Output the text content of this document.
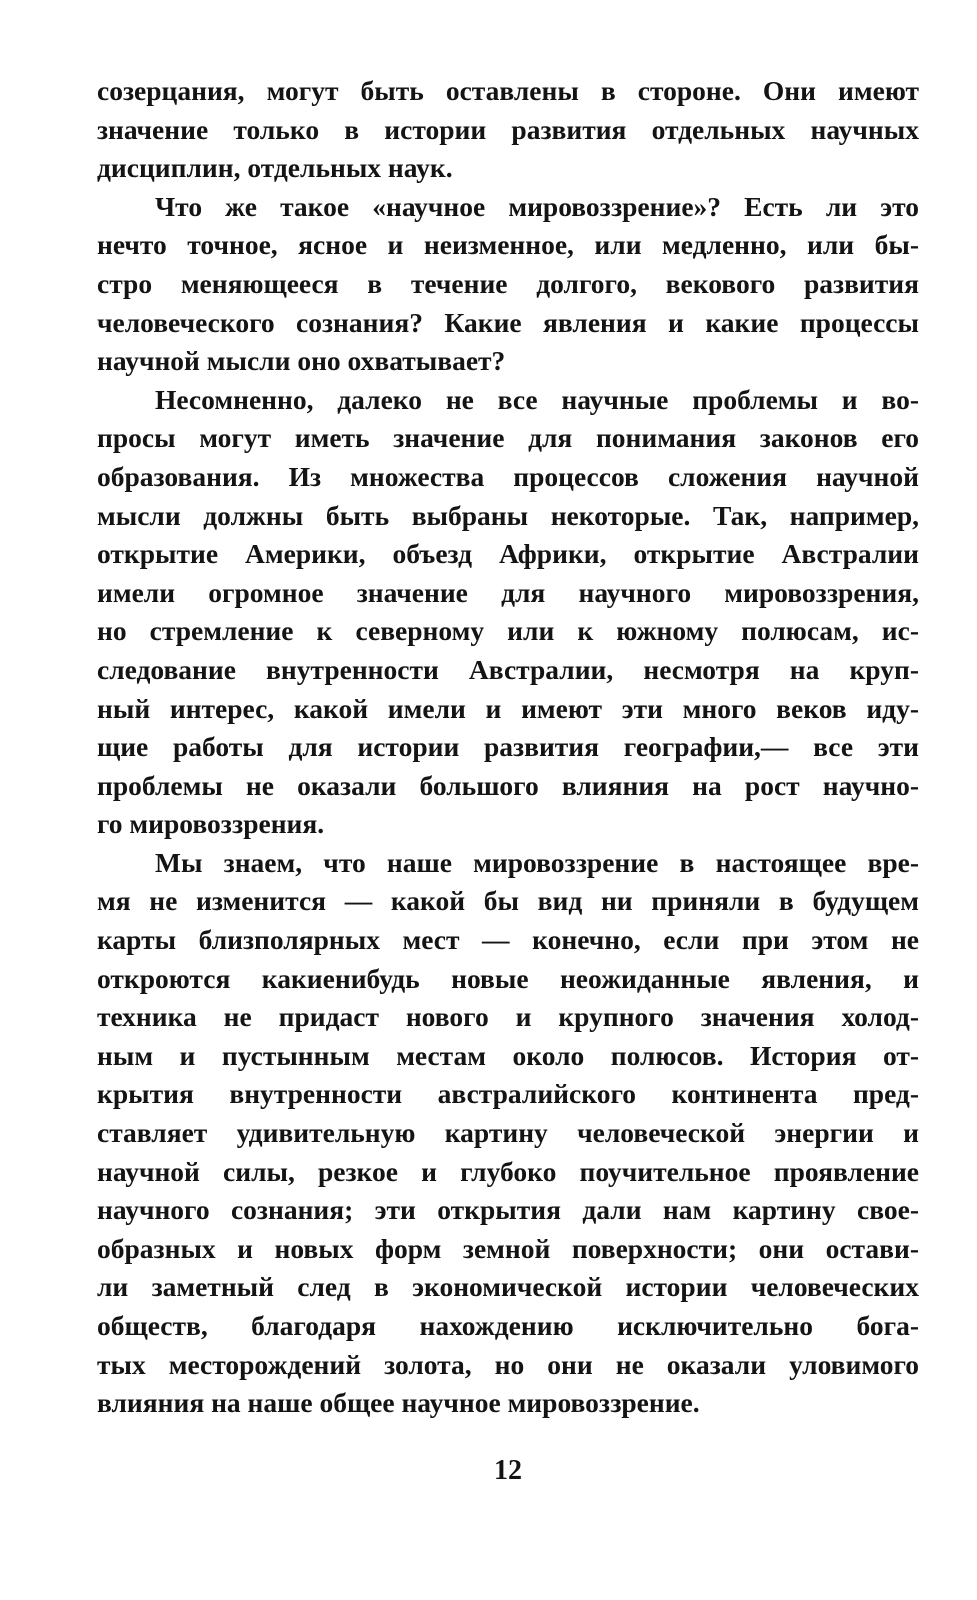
созерцания, могут быть оставлены в стороне. Они имеют
значение только в истории развития отдельных научных
дисциплин, отдельных наук.
Что же такое «научное мировоззрение»? Есть ли это
нечто точное, ясное и неизменное, или медленно, или бы-
стро меняющееся в течение долгого, векового развития
человеческого сознания? Какие явления и какие процессы
научной мысли оно охватывает?
Несомненно, далеко не все научные проблемы и во-
просы могут иметь значение для понимания законов его
образования. Из множества процессов сложения научной
мысли должны быть выбраны некоторые. Так, например,
открытие Америки, объезд Африки, открытие Австралии
имели огромное значение для научного мировоззрения,
но стремление к северному или к южному полюсам, ис-
следование внутренности Австралии, несмотря на круп-
ный интерес, какой имели и имеют эти много веков иду-
щие работы для истории развития географии,— все эти
проблемы не оказали большого влияния на рост научно-
го мировоззрения.
Мы знаем, что наше мировоззрение в настоящее вре-
мя не изменится — какой бы вид ни приняли в будущем
карты близполярных мест — конечно, если при этом не
откроются какиенибудь новые неожиданные явления, и
техника не придаст нового и крупного значения холод-
ным и пустынным местам около полюсов. История от-
крытия внутренности австралийского континента пред-
ставляет удивительную картину человеческой энергии и
научной силы, резкое и глубоко поучительное проявление
научного сознания; эти открытия дали нам картину свое-
образных и новых форм земной поверхности; они остави-
ли заметный след в экономической истории человеческих
обществ, благодаря нахождению исключительно бога-
тых месторождений золота, но они не оказали уловимого
влияния на наше общее научное мировоззрение.
12
